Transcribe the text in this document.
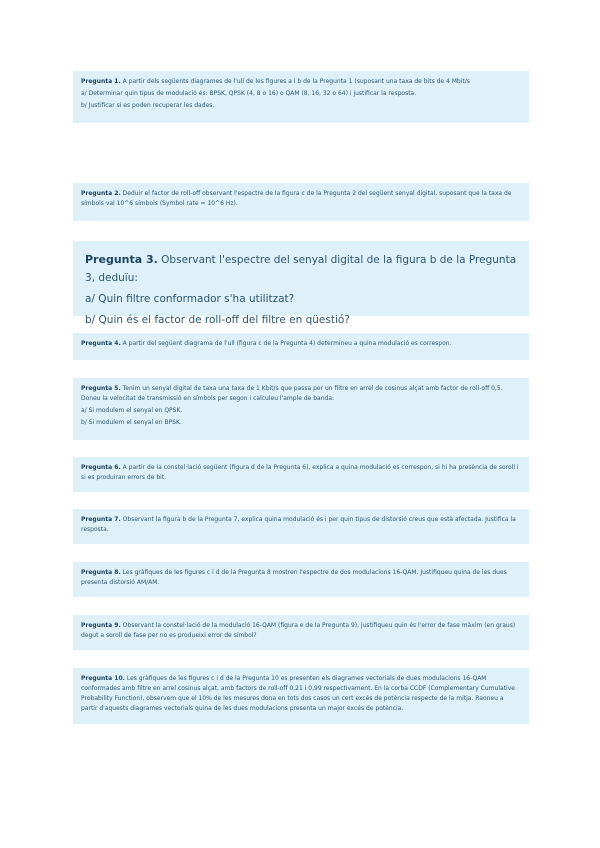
Pregunta 1. A partir dels següents diagrames de l'ull de les figures a i b de la Pregunta 1 (suposant una taxa de bits de 4 Mbit/s

a/ Determinar quin tipus de modulació és: BPSK, QPSK (4, 8 o 16) o QAM (8, 16, 32 o 64) i justificar la resposta.
b/ Justificar si es poden recuperar les dades.

Pregunta 2. Deduir el factor de roll-off observant l'espectre de la figura c de la Pregunta 2 del següent senyal digital, suposant que la taxa de símbols val 10^6 símbols (Symbol rate = 10^6 Hz).

Pregunta 3. Observant l'espectre del senyal digital de la figura b de la Pregunta 3, deduïu:

a/ Quin filtre conformador s'ha utilitzat?
b/ Quin és el factor de roll-off del filtre en qüestió?

Pregunta 4. A partir del següent diagrama de l'ull (figura c de la Pregunta 4) determineu a quina modulació es correspon.

Pregunta 5. Tenim un senyal digital de taxa una taxa de 1 Kbit/s que passa per un filtre en arrel de cosinus alçat amb factor de roll-off 0,5. Doneu la velocitat de transmissió en símbols per segon i calculeu l'ample de banda:

a/ Si modulem el senyal en QPSK.
b/ Si modulem el senyal en BPSK.

Pregunta 6. A partir de la constel·lació següent (figura d de la Pregunta 6), explica a quina modulació es correspon, si hi ha presència de soroll i si es produiran errors de bit.

Pregunta 7. Observant la figura b de la Pregunta 7, explica quina modulació és i per quin tipus de distorsió creus que està afectada. Justifica la resposta.

Pregunta 8. Les gràfiques de les figures c i d de la Pregunta 8 mostren l'espectre de dos modulacions 16-QAM. Justifiqueu quina de les dues presenta distorsió AM/AM.

Pregunta 9. Observant la constel·lació de la modulació 16-QAM (figura e de la Pregunta 9), justifiqueu quin és l'error de fase màxim (en graus) degut a soroll de fase per no es produeixi error de símbol?

Pregunta 10. Les gràfiques de les figures c i d de la Pregunta 10 es presenten els diagrames vectorials de dues modulacions 16-QAM conformades amb filtre en arrel cosinus alçat, amb factors de roll-off 0,21 i 0,99 respectivament. En la corba CCDF (Complementary Cumulative Probability Function), observem que el 10% de les mesures dona en tots dos casos un cert excés de potència respecte de la mitja. Raoneu a partir d'aquests diagrames vectorials quina de les dues modulacions presenta un major excés de potència.
